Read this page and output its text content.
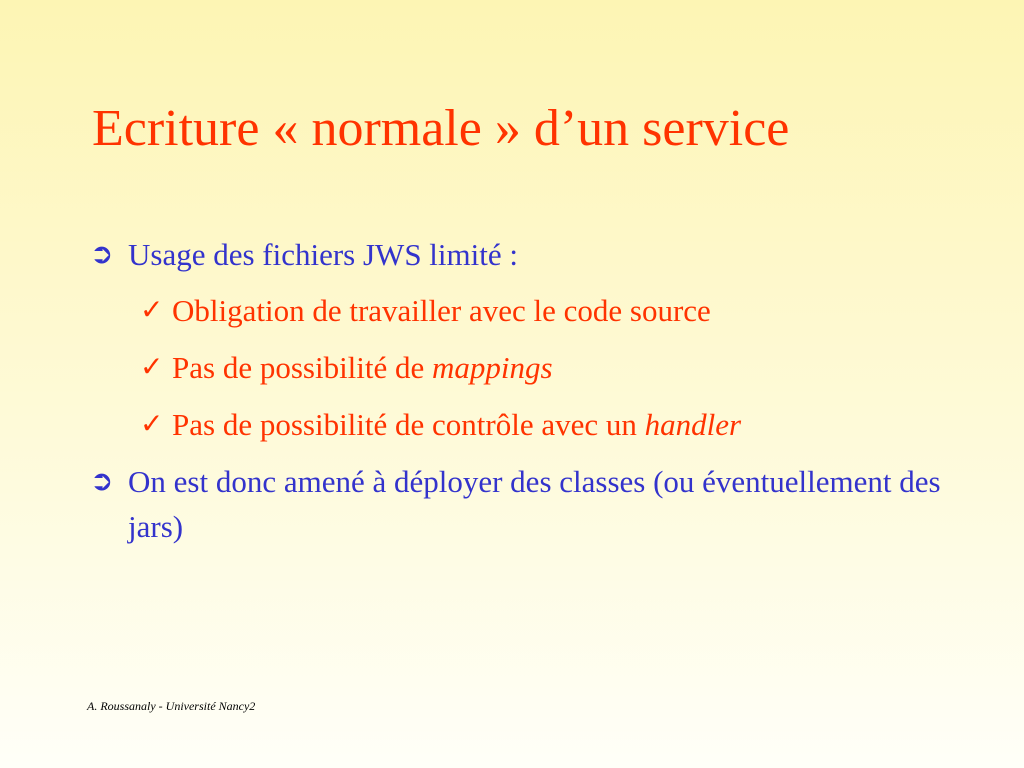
Ecriture « normale » d’un service
➲ Usage des fichiers JWS limité :
✓ Obligation de travailler avec le code source
✓ Pas de possibilité de mappings
✓ Pas de possibilité de contrôle avec un handler
➲ On est donc amené à déployer des classes (ou éventuellement des jars)
A. Roussanaly - Université Nancy2
